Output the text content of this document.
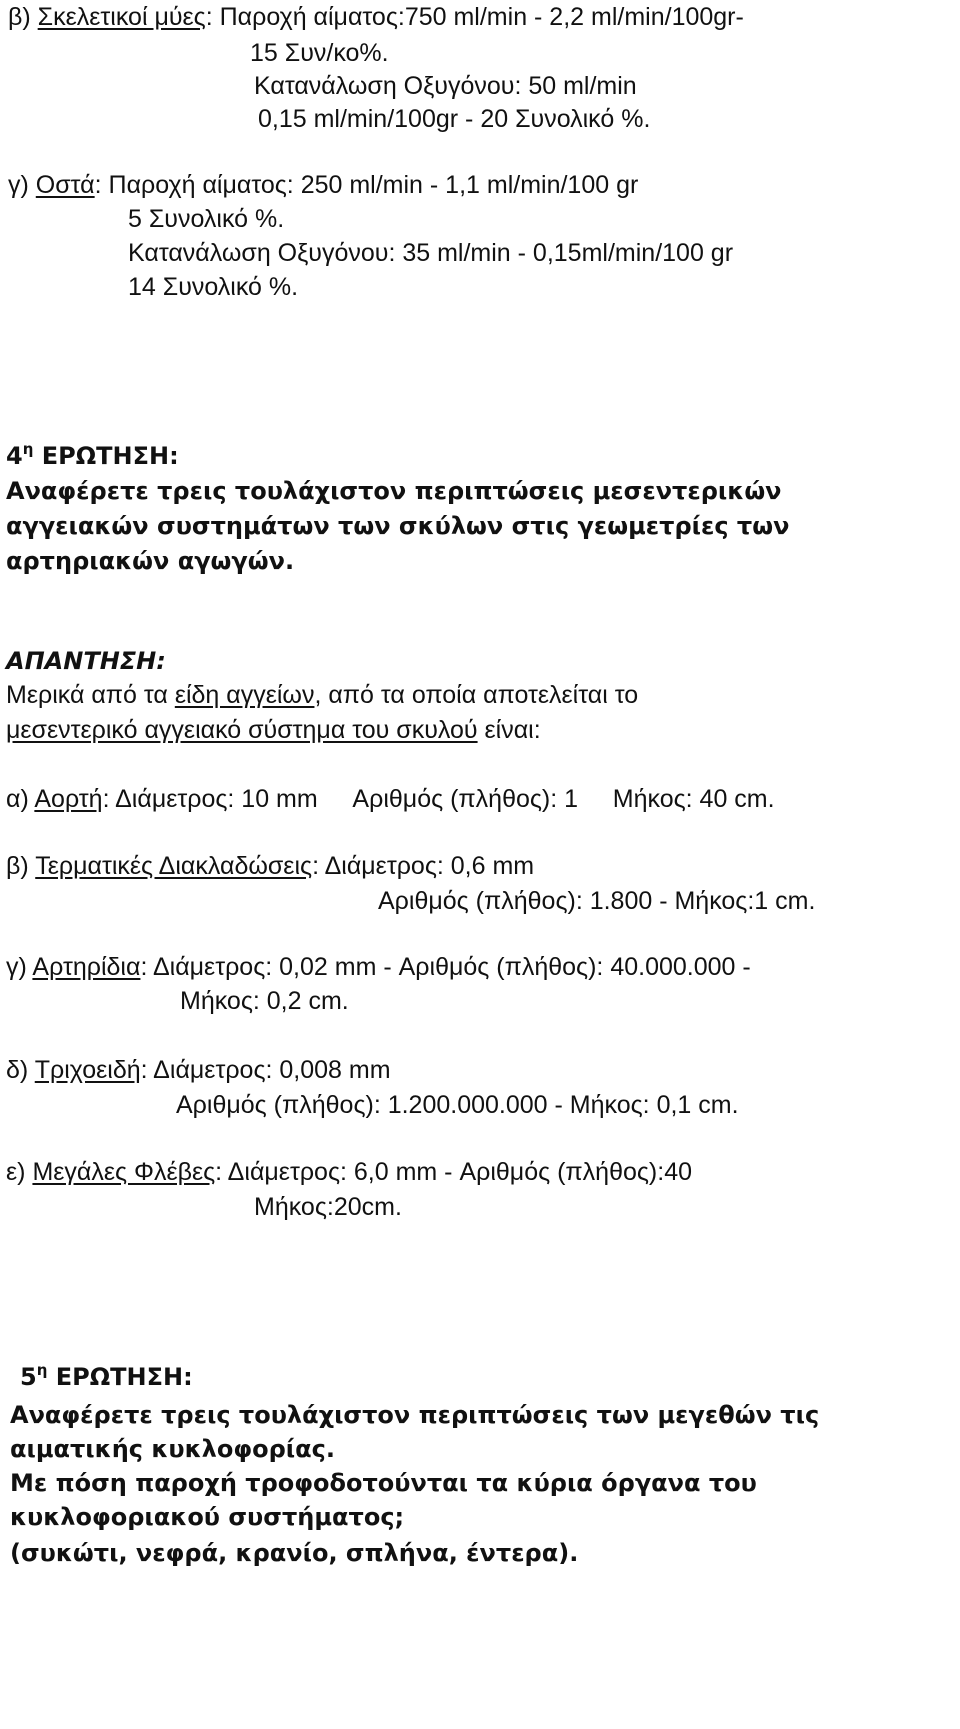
β) Σκελετικοί μύες: Παροχή αίματος:750 ml/min - 2,2 ml/min/100gr-
15 Συν/κο%.
Κατανάλωση Οξυγόνου: 50 ml/min
0,15 ml/min/100gr - 20 Συνολικό %.
γ) Οστά: Παροχή αίματος: 250 ml/min - 1,1 ml/min/100 gr
5 Συνολικό %.
Κατανάλωση Οξυγόνου: 35 ml/min - 0,15ml/min/100 gr
14 Συνολικό %.
$4^\eta$ ΕΡΩΤΗΣΗ:
Αναφέρετε τρεις τουλάχιστον περιπτώσεις μεσεντερικών
αγγειακών συστημάτων των σκύλων στις γεωμετρίες των
αρτηριακών αγωγών.
ΑΠΑΝΤΗΣΗ:
Μερικά από τα είδη αγγείων, από τα οποία αποτελείται το
μεσεντερικό αγγειακό σύστημα του σκυλού είναι:
α) Αορτή: Διάμετρος: 10 mm     Αριθμός (πλήθος): 1     Μήκος: 40 cm.
β) Τερματικές Διακλαδώσεις: Διάμετρος: 0,6 mm
Αριθμός (πλήθος): 1.800 - Μήκος:1 cm.
γ) Αρτηρίδια: Διάμετρος: 0,02 mm - Αριθμός (πλήθος): 40.000.000 -
Μήκος: 0,2 cm.
δ) Τριχοειδή: Διάμετρος: 0,008 mm
Αριθμός (πλήθος): 1.200.000.000 - Μήκος: 0,1 cm.
ε) Μεγάλες Φλέβες: Διάμετρος: 6,0 mm - Αριθμός (πλήθος):40
Μήκος:20cm.
$5^\eta$ ΕΡΩΤΗΣΗ:
Αναφέρετε τρεις τουλάχιστον περιπτώσεις των μεγεθών τις
αιματικής κυκλοφορίας.
Με πόση παροχή τροφοδοτούνται τα κύρια όργανα του
κυκλοφοριακού συστήματος;
(συκώτι, νεφρά, κρανίο, σπλήνα, έντερα).
